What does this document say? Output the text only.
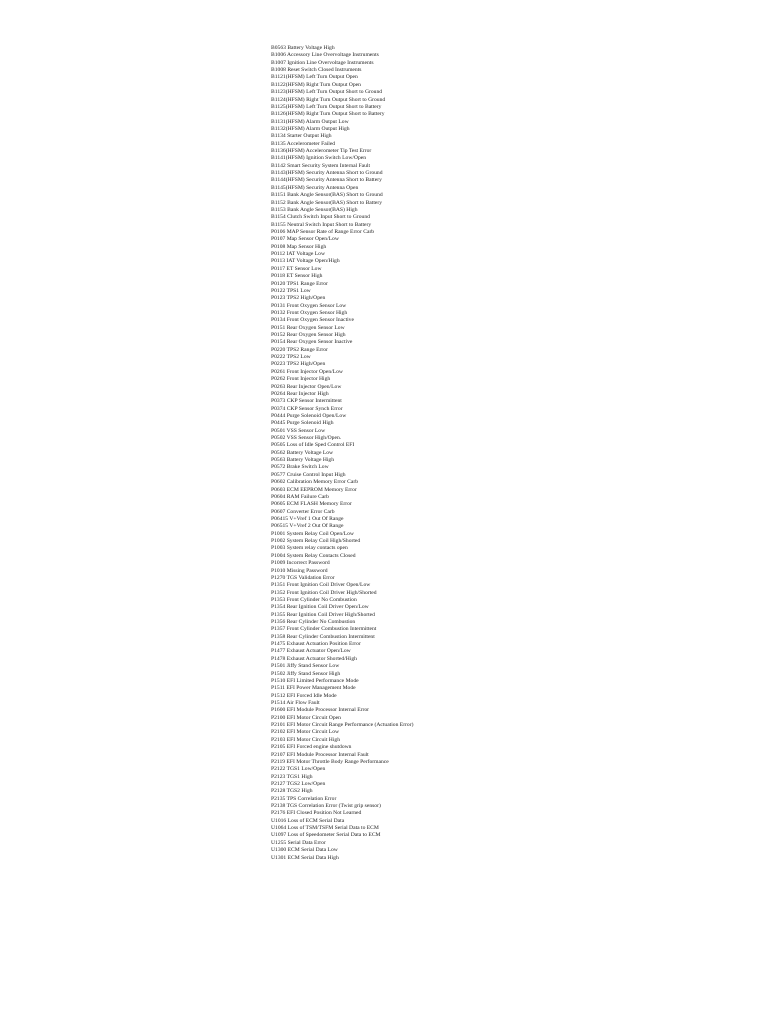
B0563 Battery Voltage High
B1006 Accessory Line Overvoltage Instruments
B1007 Ignition Line Overvoltage Instruments
B1008 Reset Switch Closed Instruments
B1121(HFSM) Left Turn Output Open
B1122(HFSM) Right Turn Output Open
B1123(HFSM) Left Turn Output Short to Ground
B1124(HFSM) Right Turn Output Short to Ground
B1125(HFSM) Left Turn Output Short to Battery
B1126(HFSM) Right Turn Output Short to Battery
B1131(HFSM) Alarm Output Low
B1132(HFSM) Alarm Output High
B1134 Starter Output High
B1135 Accelerometer Failed
B1136(HFSM) Accelerometer Tip Test Error
B1141(HFSM) Ignition Switch Low/Open
B1142 Smart Security System Internal Fault
B1143(HFSM) Security Antenna Short to Ground
B1144(HFSM) Security Antenna Short to Battery
B1145(HFSM) Security Antenna Open
B1151 Bank Angle Sensor(BAS) Short to Ground
B1152 Bank Angle Sensor(BAS) Short to Battery
B1153 Bank Angle Sensor(BAS) High
B1154 Clutch Switch Input Short to Ground
B1155 Neutral Switch Input Short to Battery
P0106 MAP Sensor Rate of Range Error Carb
P0107 Map Sensor Open/Low
P0108 Map Sensor High
P0112 IAT Voltage Low
P0113 IAT Voltage Open/High
P0117 ET Sensor Low
P0118 ET Sensor High
P0120 TPS1 Range Error
P0122 TPS1 Low
P0123 TPS2 High/Open
P0131 Front Oxygen Sensor Low
P0132 Front Oxygen Sensor High
P0134 Front Oxygen Sensor Inactive
P0151 Rear Oxygen Sensor Low
P0152 Rear Oxygen Sensor High
P0154 Rear Oxygen Sensor Inactive
P0220 TPS2 Range Error
P0222 TPS2 Low
P0223 TPS2 High/Open
P0261 Front Injector Open/Low
P0262 Front Injector High
P0263 Rear Injector Open/Low
P0264 Rear Injector High
P0373 CKP Sensor Intermittent
P0374 CKP Sensor Synch Error
P0444 Purge Solenoid Open/Low
P0445 Purge Solenoid High
P0501 VSS Sensor Low
P0502 VSS Sensor High/Open.
P0505 Loss of Idle Sped Control EFI
P0562 Battery Voltage Low
P0563 Battery Voltage High
P0572 Brake Switch Low
P0577 Cruise Control Input High
P0602 Calibration Memory Error Carb
P0603 ECM EEPROM Memory Error
P0604 RAM Failure Carb
P0605 ECM FLASH Memory Error
P0607 Converter Error Carb
P06415 V+Vref 1 Out Of Range
P06515 V+Vref 2 Out Of Range
P1001 System Relay Coil Open/Low
P1002 System Relay Coil High/Shorted
P1003 System relay contacts open
P1004 System Relay Contacts Closed
P1009 Incorrect Password
P1010 Missing Password
P1270 TGS Validation Error
P1351 Front Ignition Coil Driver Open/Low
P1352 Front Ignition Coil Driver High/Shorted
P1353 Front Cylinder No Combustion
P1354 Rear Ignition Coil Driver Open/Low
P1355 Rear Ignition Coil Driver High/Shorted
P1356 Rear Cylinder No Combustion
P1357 Front Cylinder Combustion Intermittent
P1358 Rear Cylinder Combustion Intermittent
P1475 Exhaust Actuation Position Error
P1477 Exhaust Actuator Open/Low
P1478 Exhaust Actuator Shorted/High
P1501 Jiffy Stand Sensor Low
P1502 Jiffy Stand Sensor High
P1510 EFI Limited Performance Mode
P1511 EFI Power Management Mode
P1512 EFI Forced Idle Mode
P1514 Air Flow Fault
P1600 EFI Module Processor Internal Error
P2100 EFI Motor Circuit Open
P2101 EFI Motor Circuit Range Performance (Actuation Error)
P2102 EFI Motor Circuit Low
P2103 EFI Motor Circuit High
P2105 EFI Forced engine shutdown
P2107 EFI Module Processor Internal Fault
P2119 EFI Motor Throttle Body Range Performance
P2122 TGS1 Low/Open
P2123 TGS1 High
P2127 TGS2 Low/Open
P2128 TGS2 High
P2135 TPS Correlation Error
P2138 TGS Correlation Error (Twist grip sensor)
P2176 EFI Closed Position Not Learned
U1016 Loss of ECM Serial Data
U1064 Loss of TSM/TSFM Serial Data to ECM
U1097 Loss of Speedometer Serial Data to ECM
U1255 Serial Data Error
U1300 ECM Serial Data Low
U1301 ECM Serial Data High
